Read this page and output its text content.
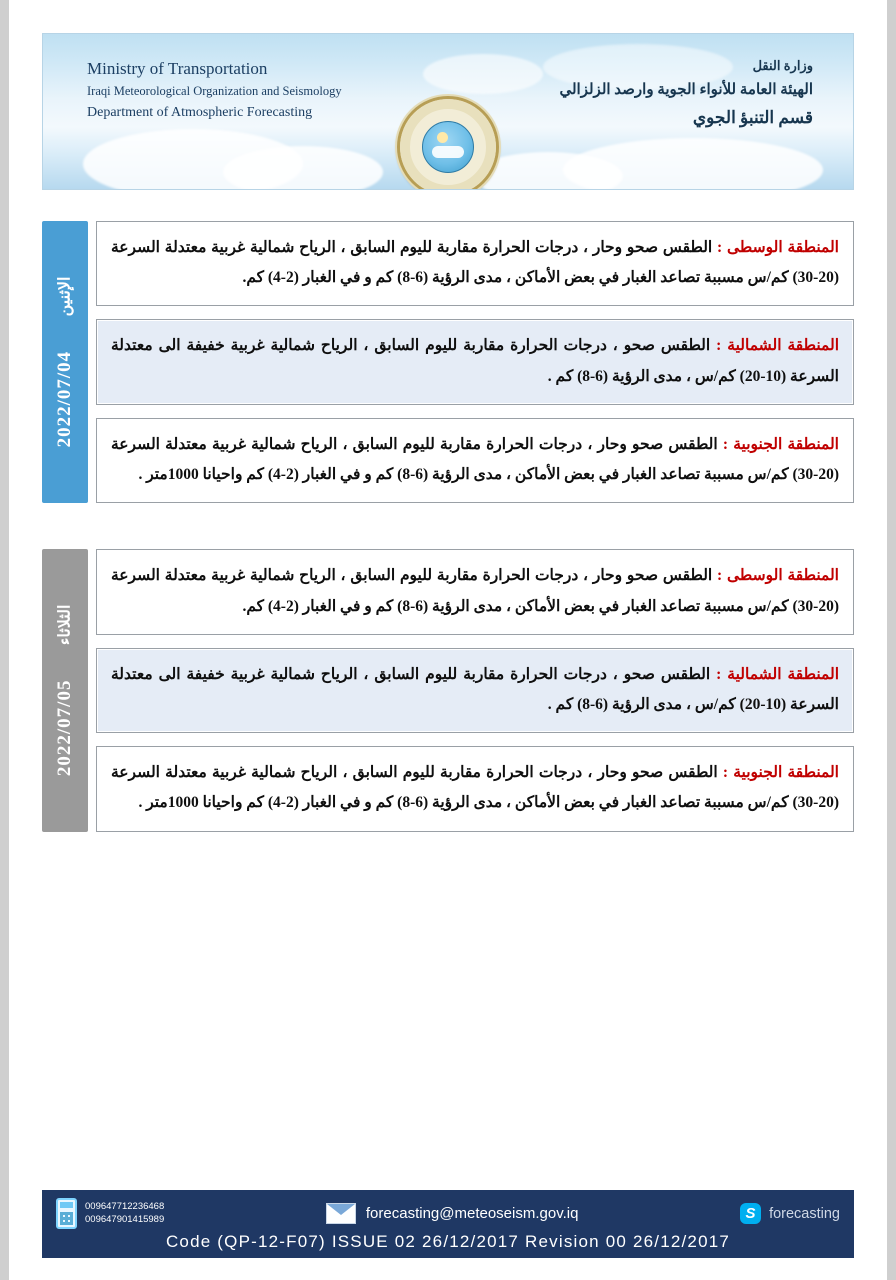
Ministry of Transportation
Iraqi Meteorological Organization and Seismology
Department of Atmospheric Forecasting
وزارة النقل
الهيئة العامة للأنواء الجوية وارصد الزلزالي
قسم التنبؤ الجوي

المنطقة الوسطى : الطقس صحو وحار ، درجات الحرارة مقاربة لليوم السابق ، الرياح شمالية غربية معتدلة السرعة (20-30) كم/س مسببة تصاعد الغبار في بعض الأماكن ، مدى الرؤية (6-8) كم و في الغبار (2-4) كم.

المنطقة الشمالية : الطقس صحو ، درجات الحرارة مقاربة لليوم السابق ، الرياح شمالية غربية خفيفة الى معتدلة السرعة (10-20) كم/س ، مدى الرؤية (6-8) كم .

المنطقة الجنوبية : الطقس صحو وحار ، درجات الحرارة مقاربة لليوم السابق ، الرياح شمالية غربية معتدلة السرعة (20-30) كم/س مسببة تصاعد الغبار في بعض الأماكن ، مدى الرؤية (6-8) كم و في الغبار (2-4) كم واحيانا 1000متر .

الإثنين
2022/07/04

المنطقة الوسطى : الطقس صحو وحار ، درجات الحرارة مقاربة لليوم السابق ، الرياح شمالية غربية معتدلة السرعة (20-30) كم/س مسببة تصاعد الغبار في بعض الأماكن ، مدى الرؤية (6-8) كم و في الغبار (2-4) كم.

المنطقة الشمالية : الطقس صحو ، درجات الحرارة مقاربة لليوم السابق ، الرياح شمالية غربية خفيفة الى معتدلة السرعة (10-20) كم/س ، مدى الرؤية (6-8) كم .

المنطقة الجنوبية : الطقس صحو وحار ، درجات الحرارة مقاربة لليوم السابق ، الرياح شمالية غربية معتدلة السرعة (20-30) كم/س مسببة تصاعد الغبار في بعض الأماكن ، مدى الرؤية (6-8) كم و في الغبار (2-4) كم واحيانا 1000متر .

الثلاثاء
2022/07/05
009647712236468
009647901415989	forecasting@meteoseism.gov.iq	S forecasting
Code (QP-12-F07) ISSUE 02 26/12/2017 Revision 00 26/12/2017
